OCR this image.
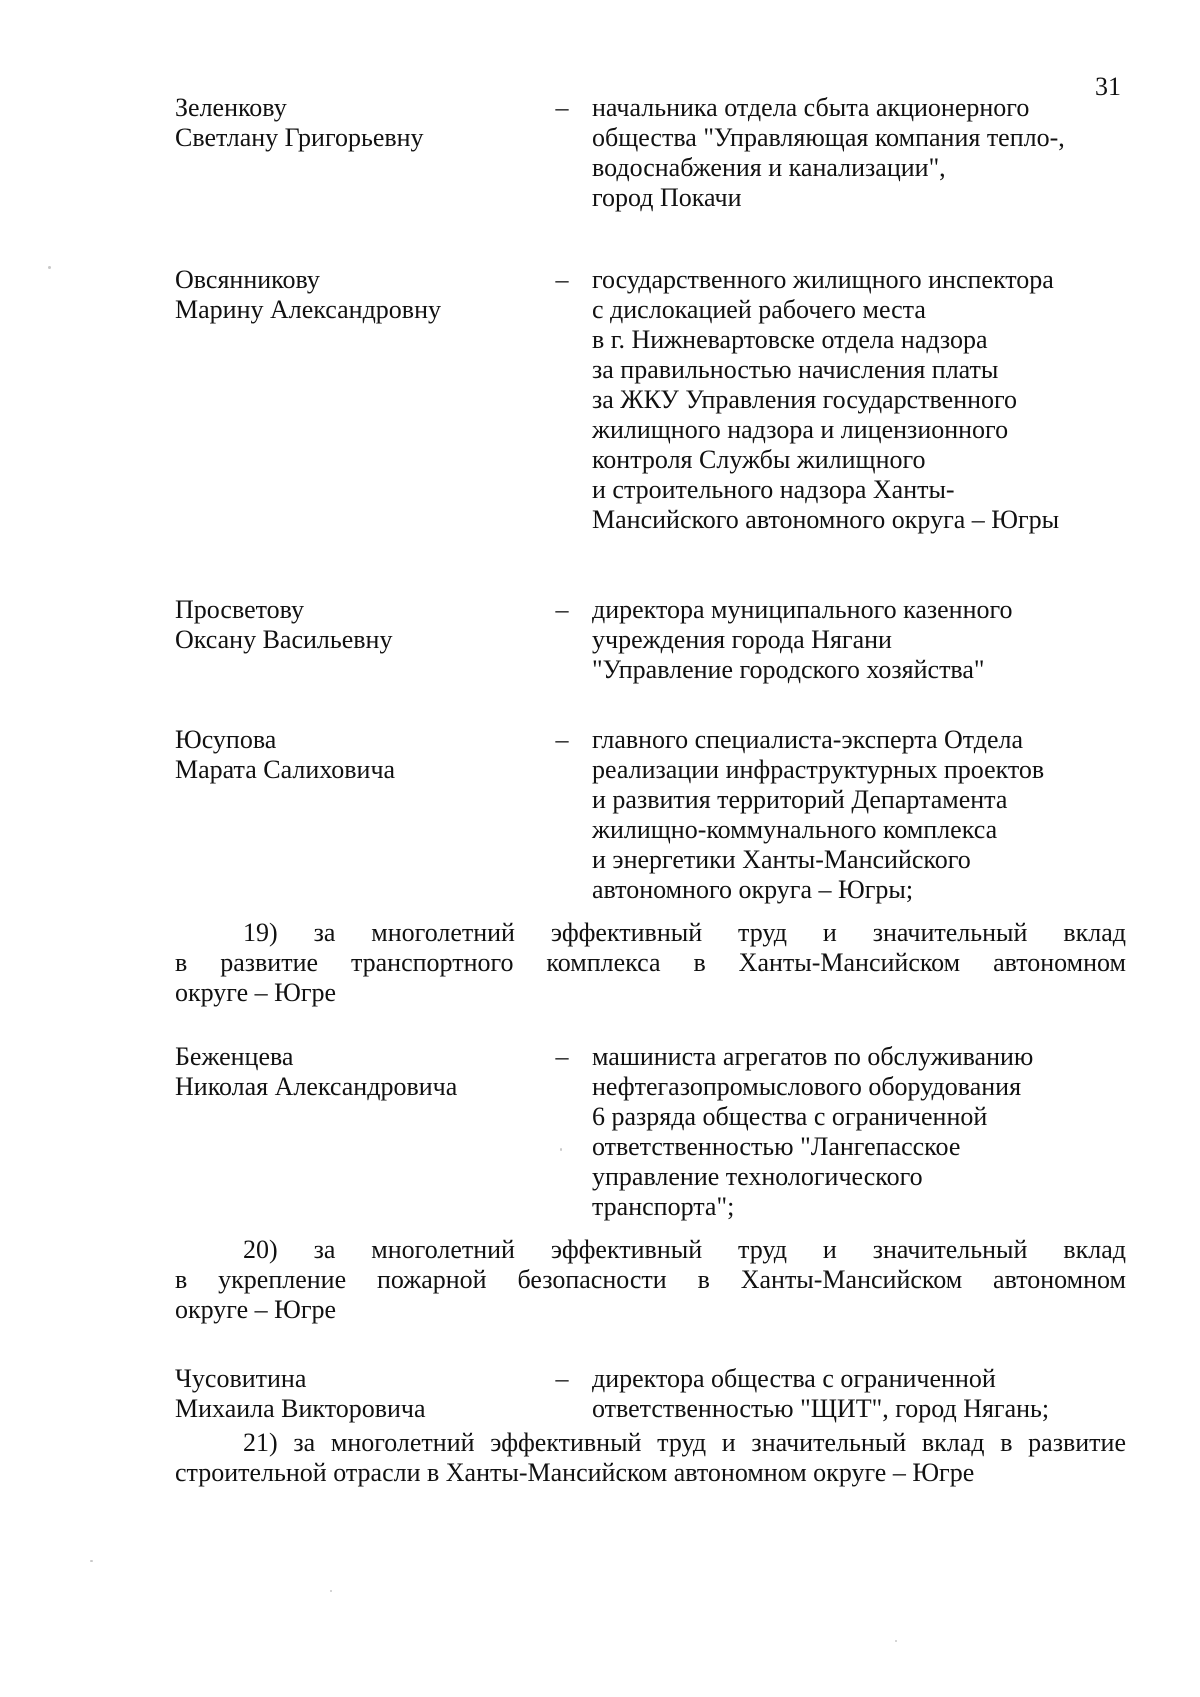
31
Зеленкову
Светлану Григорьевну
– начальника отдела сбыта акционерного
общества "Управляющая компания тепло-,
водоснабжения и канализации",
город Покачи
Овсянникову
Марину Александровну
– государственного жилищного инспектора
с дислокацией рабочего места
в г. Нижневартовске отдела надзора
за правильностью начисления платы
за ЖКУ Управления государственного
жилищного надзора и лицензионного
контроля Службы жилищного
и строительного надзора Ханты-
Мансийского автономного округа – Югры
Просветову
Оксану Васильевну
– директора муниципального казенного
учреждения города Нягани
"Управление городского хозяйства"
Юсупова
Марата Салиховича
– главного специалиста-эксперта Отдела
реализации инфраструктурных проектов
и развития территорий Департамента
жилищно-коммунального комплекса
и энергетики Ханты-Мансийского
автономного округа – Югры;
19) за многолетний эффективный труд и значительный вклад
в развитие транспортного комплекса в Ханты-Мансийском автономном
округе – Югре
Беженцева
Николая Александровича
– машиниста агрегатов по обслуживанию
нефтегазопромыслового оборудования
6 разряда общества с ограниченной
ответственностью "Лангепасское
управление технологического
транспорта";
20) за многолетний эффективный труд и значительный вклад
в укрепление пожарной безопасности в Ханты-Мансийском автономном
округе – Югре
Чусовитина
Михаила Викторовича
– директора общества с ограниченной
ответственностью "ЩИТ", город Нягань;
21) за многолетний эффективный труд и значительный вклад в развитие
строительной отрасли в Ханты-Мансийском автономном округе – Югре
